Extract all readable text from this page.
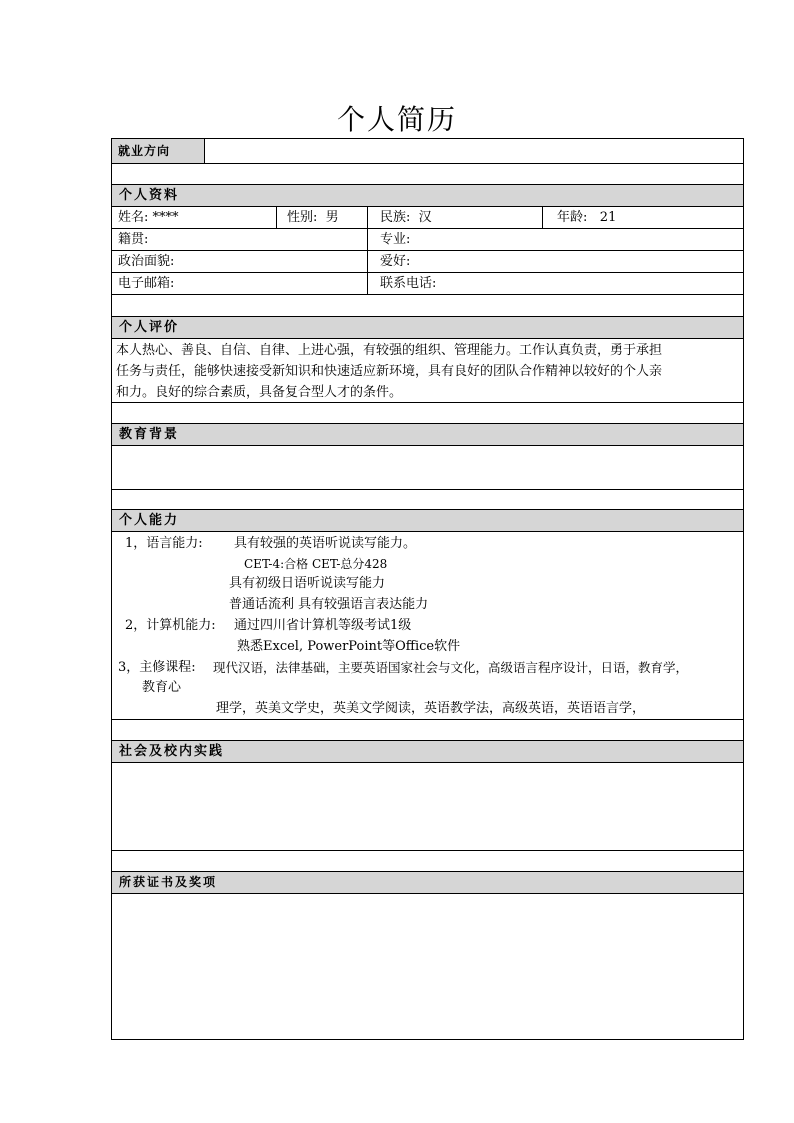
个人简历
就业方向
个人资料
姓名: ****	性别: 男	民族: 汉	年龄: 21
籍贯:	专业:
政治面貌:	爱好:
电子邮箱:	联系电话:
个人评价
本人热心、善良、自信、自律、上进心强，有较强的组织、管理能力。工作认真负责，勇于承担
任务与责任，能够快速接受新知识和快速适应新环境，具有良好的团队合作精神以较好的个人亲
和力。良好的综合素质，具备复合型人才的条件。
教育背景
个人能力
1，语言能力: 具有较强的英语听说读写能力。
CET-4:合格 CET-总分428
具有初级日语听说读写能力
普通话流利 具有较强语言表达能力
2，计算机能力: 通过四川省计算机等级考试1级
熟悉Excel, PowerPoint等Office软件
3，主修课程: 现代汉语，法律基础，主要英语国家社会与文化，高级语言程序设计，日语，教育学，
教育心
理学，英美文学史，英美文学阅读，英语教学法，高级英语，英语语言学，
社会及校内实践
所获证书及奖项
